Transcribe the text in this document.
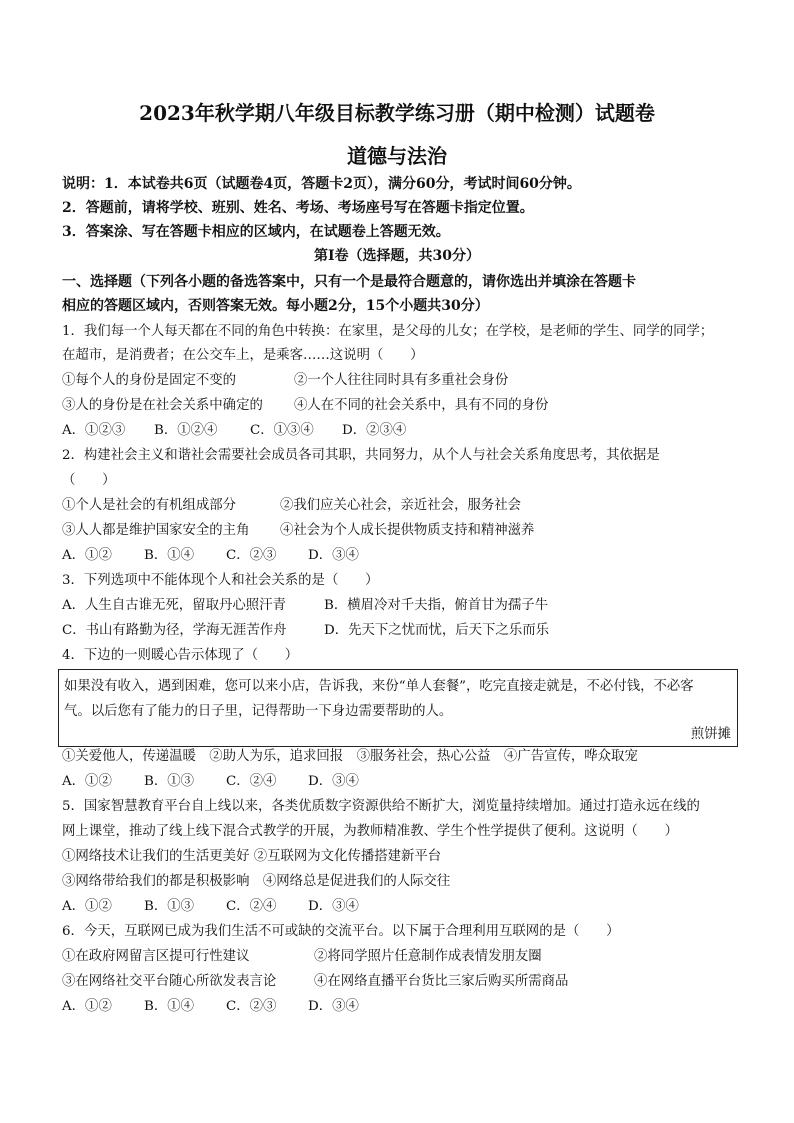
2023年秋学期八年级目标教学练习册（期中检测）试题卷
道德与法治
说明：1．本试卷共6页（试题卷4页，答题卡2页），满分60分，考试时间60分钟。
2．答题前，请将学校、班别、姓名、考场、考场座号写在答题卡指定位置。
3．答案涂、写在答题卡相应的区域内，在试题卷上答题无效。
第Ⅰ卷（选择题，共30分）
一、选择题（下列各小题的备选答案中，只有一个是最符合题意的，请你选出并填涂在答题卡
相应的答题区域内，否则答案无效。每小题2分，15个小题共30分）
1．我们每一个人每天都在不同的角色中转换：在家里，是父母的儿女；在学校，是老师的学生、同学的同学；
在超市，是消费者；在公交车上，是乘客……这说明（　　）
①每个人的身份是固定不变的	②一个人往往同时具有多重社会身份
③人的身份是在社会关系中确定的 ④人在不同的社会关系中，具有不同的身份
A．①②③ B．①②④ C．①③④ D．②③④
2．构建社会主义和谐社会需要社会成员各司其职，共同努力，从个人与社会关系角度思考，其依据是
（　　）
①个人是社会的有机组成部分	②我们应关心社会，亲近社会，服务社会
③人人都是维护国家安全的主角 ④社会为个人成长提供物质支持和精神滋养
A．①② B．①④ C．②③ D．③④
3．下列选项中不能体现个人和社会关系的是（　　）
A．人生自古谁无死，留取丹心照汗青	B．横眉冷对千夫指，俯首甘为孺子牛
C．书山有路勤为径，学海无涯苦作舟	D．先天下之忧而忧，后天下之乐而乐
4．下边的一则暖心告示体现了（　　）
如果没有收入，遇到困难，您可以来小店，告诉我，来份“单人套餐”，吃完直接走就是，不必付钱，不必客
气。以后您有了能力的日子里，记得帮助一下身边需要帮助的人。
煎饼摊
①关爱他人，传递温暖　②助人为乐，追求回报　③服务社会，热心公益　④广告宣传，哗众取宠
A．①② B．①③ C．②④ D．③④
5．国家智慧教育平台自上线以来，各类优质数字资源供给不断扩大，浏览量持续增加。通过打造永远在线的
网上课堂，推动了线上线下混合式教学的开展，为教师精准教、学生个性学提供了便利。这说明（　　）
①网络技术让我们的生活更美好 ②互联网为文化传播搭建新平台
③网络带给我们的都是积极影响　④网络总是促进我们的人际交往
A．①② B．①③ C．②④ D．③④
6．今天，互联网已成为我们生活不可或缺的交流平台。以下属于合理利用互联网的是（　　）
①在政府网留言区提可行性建议	②将同学照片任意制作成表情发朋友圈
③在网络社交平台随心所欲发表言论	④在网络直播平台货比三家后购买所需商品
A．①② B．①④ C．②③ D．③④
